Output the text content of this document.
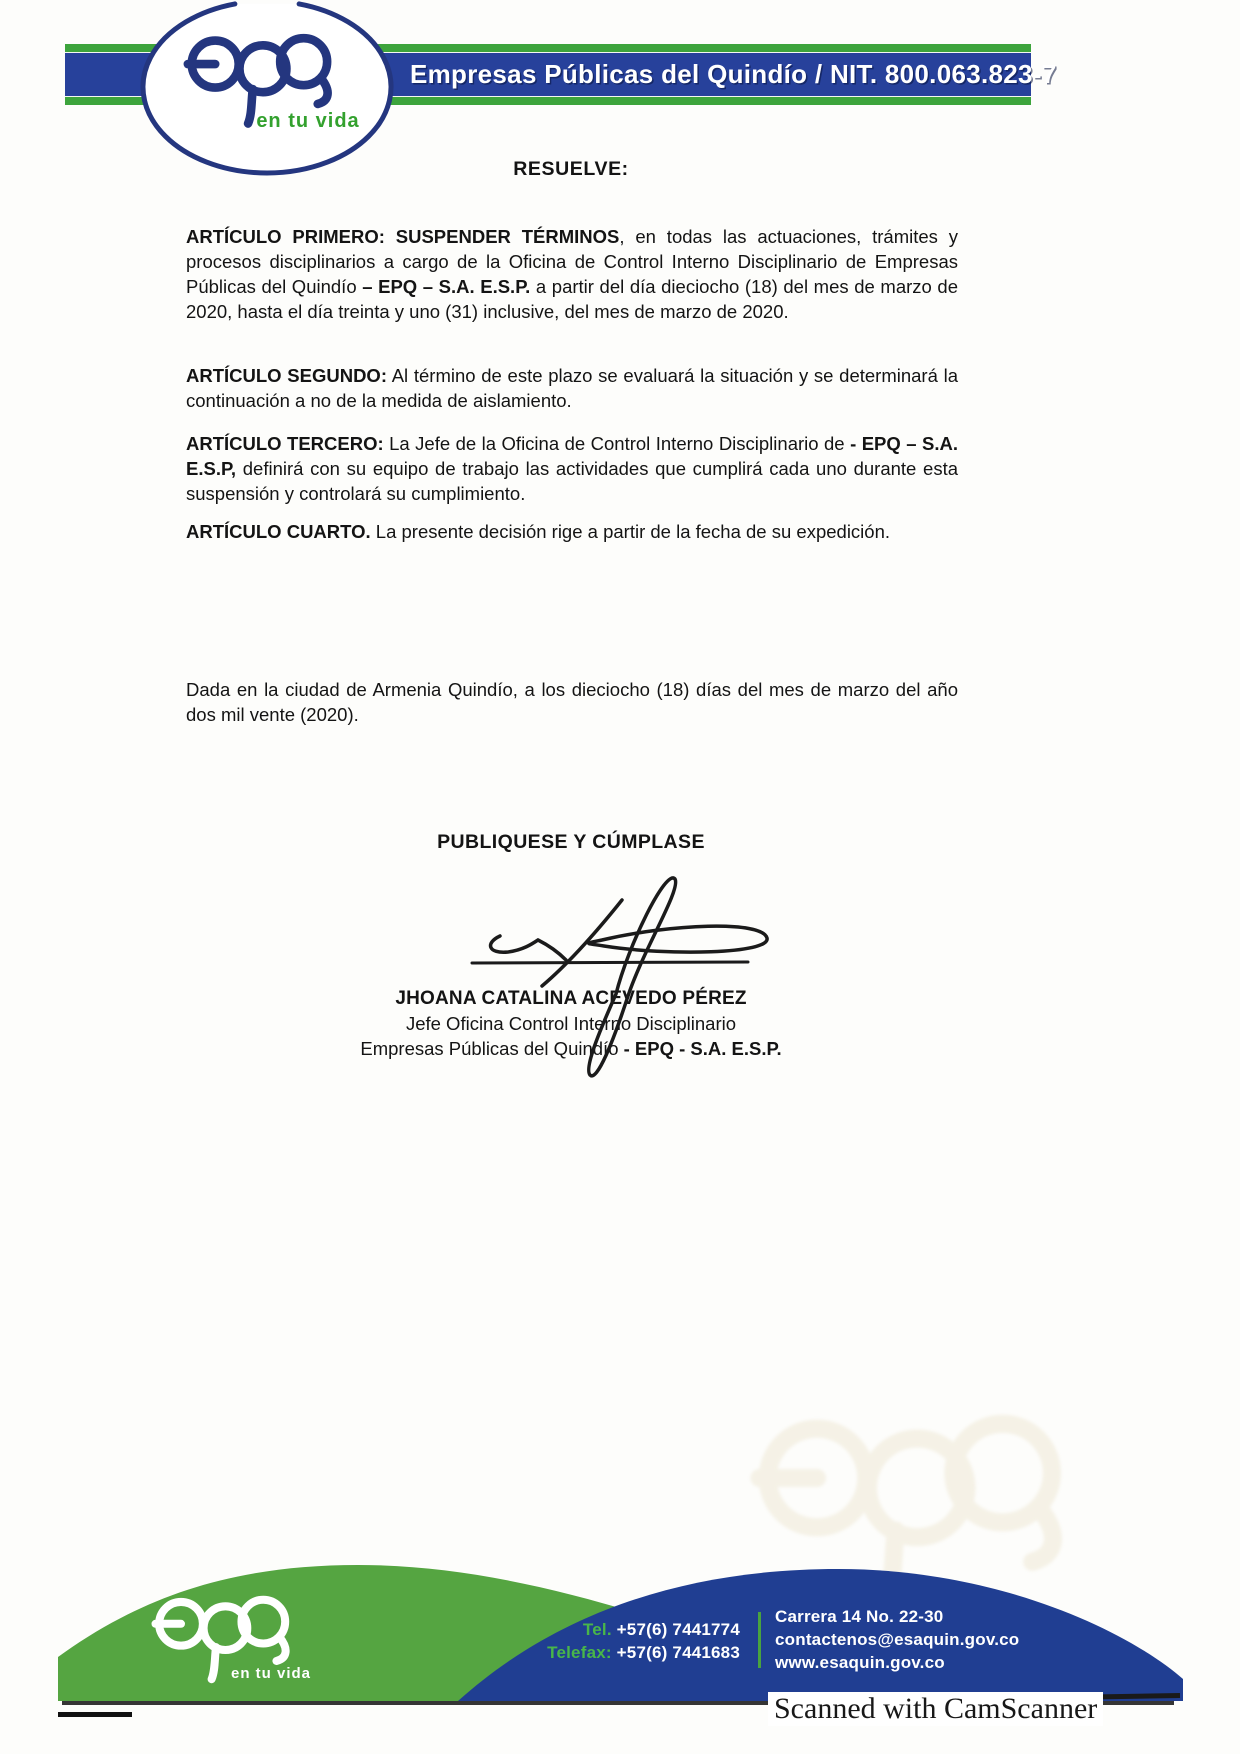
Empresas Públicas del Quindío / NIT. 800.063.823-7
en tu vida
RESUELVE:

ARTÍCULO PRIMERO: SUSPENDER TÉRMINOS, en todas las actuaciones, trámites y procesos disciplinarios a cargo de la Oficina de Control Interno Disciplinario de Empresas Públicas del Quindío – EPQ – S.A. E.S.P. a partir del día dieciocho (18) del mes de marzo de 2020, hasta el día treinta y uno (31) inclusive, del mes de marzo de 2020.

ARTÍCULO SEGUNDO: Al término de este plazo se evaluará la situación y se determinará la continuación a no de la medida de aislamiento.

ARTÍCULO TERCERO: La Jefe de la Oficina de Control Interno Disciplinario de - EPQ – S.A. E.S.P, definirá con su equipo de trabajo las actividades que cumplirá cada uno durante esta suspensión y controlará su cumplimiento.

ARTÍCULO CUARTO. La presente decisión rige a partir de la fecha de su expedición.

Dada en la ciudad de Armenia Quindío, a los dieciocho (18) días del mes de marzo del año dos mil vente (2020).

PUBLIQUESE Y CÚMPLASE
JHOANA CATALINA ACEVEDO PÉREZ
Jefe Oficina Control Interno Disciplinario
Empresas Públicas del Quindío - EPQ - S.A. E.S.P.
en tu vida
Tel. +57(6) 7441774
Telefax: +57(6) 7441683
Carrera 14 No. 22-30
contactenos@esaquin.gov.co
www.esaquin.gov.co
Scanned with CamScanner
